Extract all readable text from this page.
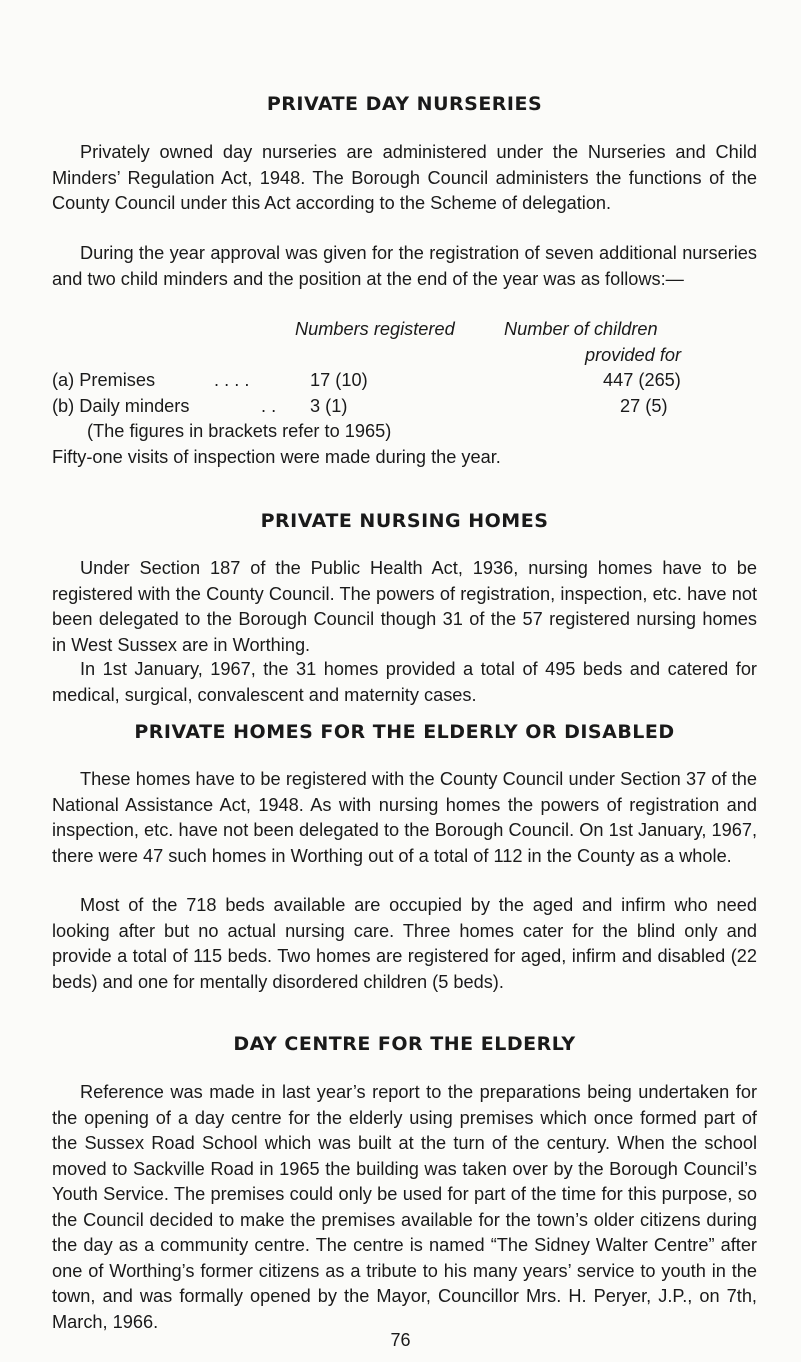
PRIVATE DAY NURSERIES

Privately owned day nurseries are administered under the Nurseries and Child Minders’ Regulation Act, 1948. The Borough Council administers the functions of the County Council under this Act according to the Scheme of delegation.

During the year approval was given for the registration of seven additional nurseries and two child minders and the position at the end of the year was as follows:—

Numbers registered	Number of children
provided for
(a) Premises	. . . .	17 (10)	447 (265)
(b) Daily minders	. . 3 (1)	27 (5)
(The figures in brackets refer to 1965)

Fifty-one visits of inspection were made during the year.

PRIVATE NURSING HOMES

Under Section 187 of the Public Health Act, 1936, nursing homes have to be registered with the County Council. The powers of registration, inspection, etc. have not been delegated to the Borough Council though 31 of the 57 registered nursing homes in West Sussex are in Worthing.

In 1st January, 1967, the 31 homes provided a total of 495 beds and catered for medical, surgical, convalescent and maternity cases.

PRIVATE HOMES FOR THE ELDERLY OR DISABLED

These homes have to be registered with the County Council under Section 37 of the National Assistance Act, 1948. As with nursing homes the powers of registration and inspection, etc. have not been delegated to the Borough Council. On 1st January, 1967, there were 47 such homes in Worthing out of a total of 112 in the County as a whole.

Most of the 718 beds available are occupied by the aged and infirm who need looking after but no actual nursing care. Three homes cater for the blind only and provide a total of 115 beds. Two homes are registered for aged, infirm and disabled (22 beds) and one for mentally disordered children (5 beds).

DAY CENTRE FOR THE ELDERLY

Reference was made in last year’s report to the preparations being undertaken for the opening of a day centre for the elderly using premises which once formed part of the Sussex Road School which was built at the turn of the century. When the school moved to Sackville Road in 1965 the building was taken over by the Borough Council’s Youth Service. The premises could only be used for part of the time for this purpose, so the Council decided to make the premises available for the town’s older citizens during the day as a community centre. The centre is named “The Sidney Walter Centre” after one of Worthing’s former citizens as a tribute to his many years’ service to youth in the town, and was formally opened by the Mayor, Councillor Mrs. H. Peryer, J.P., on 7th, March, 1966.

76
